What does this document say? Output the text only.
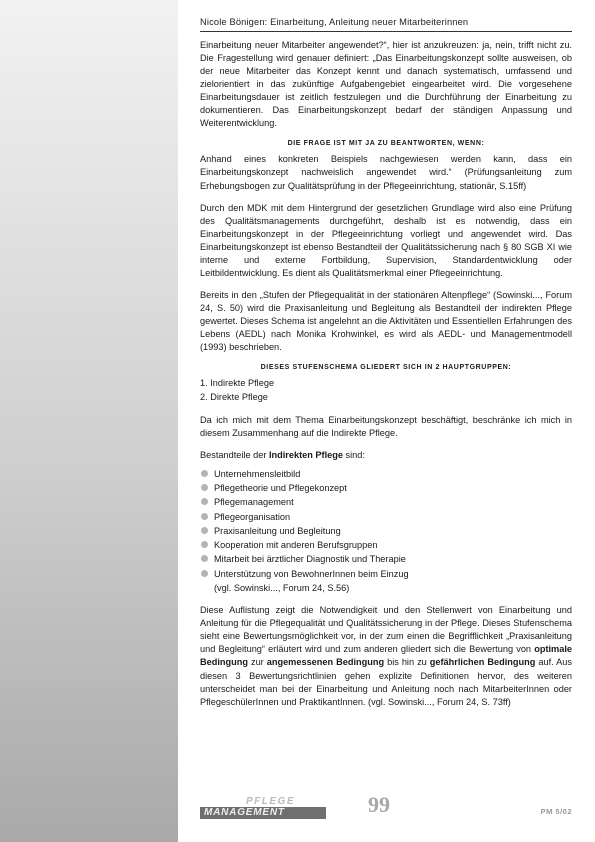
Nicole Bönigen: Einarbeitung, Anleitung neuer Mitarbeiterinnen

Einarbeitung neuer Mitarbeiter angewendet?“, hier ist anzukreuzen: ja, nein, trifft nicht zu. Die Fragestellung wird genauer definiert: „Das Einarbeitungskonzept sollte ausweisen, ob der neue Mitarbeiter das Konzept kennt und danach systematisch, umfassend und zielorientiert in das zukünftige Aufgabengebiet eingearbeitet wird. Die vorgesehene Einarbeitungsdauer ist zeitlich festzulegen und die Durchführung der Einarbeitung zu dokumentieren. Das Einarbeitungskonzept bedarf der ständigen Anpassung und Weiterentwicklung.

DIE FRAGE IST MIT JA ZU BEANTWORTEN, WENN:

Anhand eines konkreten Beispiels nachgewiesen werden kann, dass ein Einarbeitungskonzept nachweislich angewendet wird.“ (Prüfungsanleitung zum Erhebungsbogen zur Qualitätsprüfung in der Pflegeeinrichtung, stationär, S.15ff)

Durch den MDK mit dem Hintergrund der gesetzlichen Grundlage wird also eine Prüfung des Qualitätsmanagements durchgeführt, deshalb ist es notwendig, dass ein Einarbeitungskonzept in der Pflegeeinrichtung vorliegt und angewendet wird. Das Einarbeitungskonzept ist ebenso Bestandteil der Qualitätssicherung nach § 80 SGB XI wie interne und externe Fortbildung, Supervision, Standardentwicklung oder Leitbildentwicklung. Es dient als Qualitätsmerkmal einer Pflegeeinrichtung.

Bereits in den „Stufen der Pflegequalität in der stationären Altenpflege“ (Sowinski..., Forum 24, S. 50) wird die Praxisanleitung und Begleitung als Bestandteil der indirekten Pflege gewertet. Dieses Schema ist angelehnt an die Aktivitäten und Essentiellen Erfahrungen des Lebens (AEDL) nach Monika Krohwinkel, es wird als AEDL- und Managementmodell (1993) beschrieben.

DIESES STUFENSCHEMA GLIEDERT SICH IN 2 HAUPTGRUPPEN:
1. Indirekte Pflege
2. Direkte Pflege

Da ich mich mit dem Thema Einarbeitungskonzept beschäftigt, beschränke ich mich in diesem Zusammenhang auf die Indirekte Pflege.

Bestandteile der Indirekten Pflege sind:

Unternehmensleitbild
Pflegetheorie und Pflegekonzept
Pflegemanagement
Pflegeorganisation
Praxisanleitung und Begleitung
Kooperation mit anderen Berufsgruppen
Mitarbeit bei ärztlicher Diagnostik und Therapie
Unterstützung von BewohnerInnen beim Einzug
(vgl. Sowinski..., Forum 24, S.56)

Diese Auflistung zeigt die Notwendigkeit und den Stellenwert von Einarbeitung und Anleitung für die Pflegequalität und Qualitätssicherung in der Pflege. Dieses Stufenschema sieht eine Bewertungsmöglichkeit vor, in der zum einen die Begrifflichkeit „Praxisanleitung und Begleitung“ erläutert wird und zum anderen gliedert sich die Bewertung von optimale Bedingung zur angemessenen Bedingung bis hin zu gefährlichen Bedingung auf. Aus diesen 3 Bewertungsrichtlinien gehen explizite Definitionen hervor, des weiteren unterscheidet man bei der Einarbeitung und Anleitung noch nach MitarbeiterInnen oder PflegeschülerInnen und PraktikantInnen. (vgl. Sowinski..., Forum 24, S. 73ff)

PFLEGE
MANAGEMENT	99	PM 5/02
